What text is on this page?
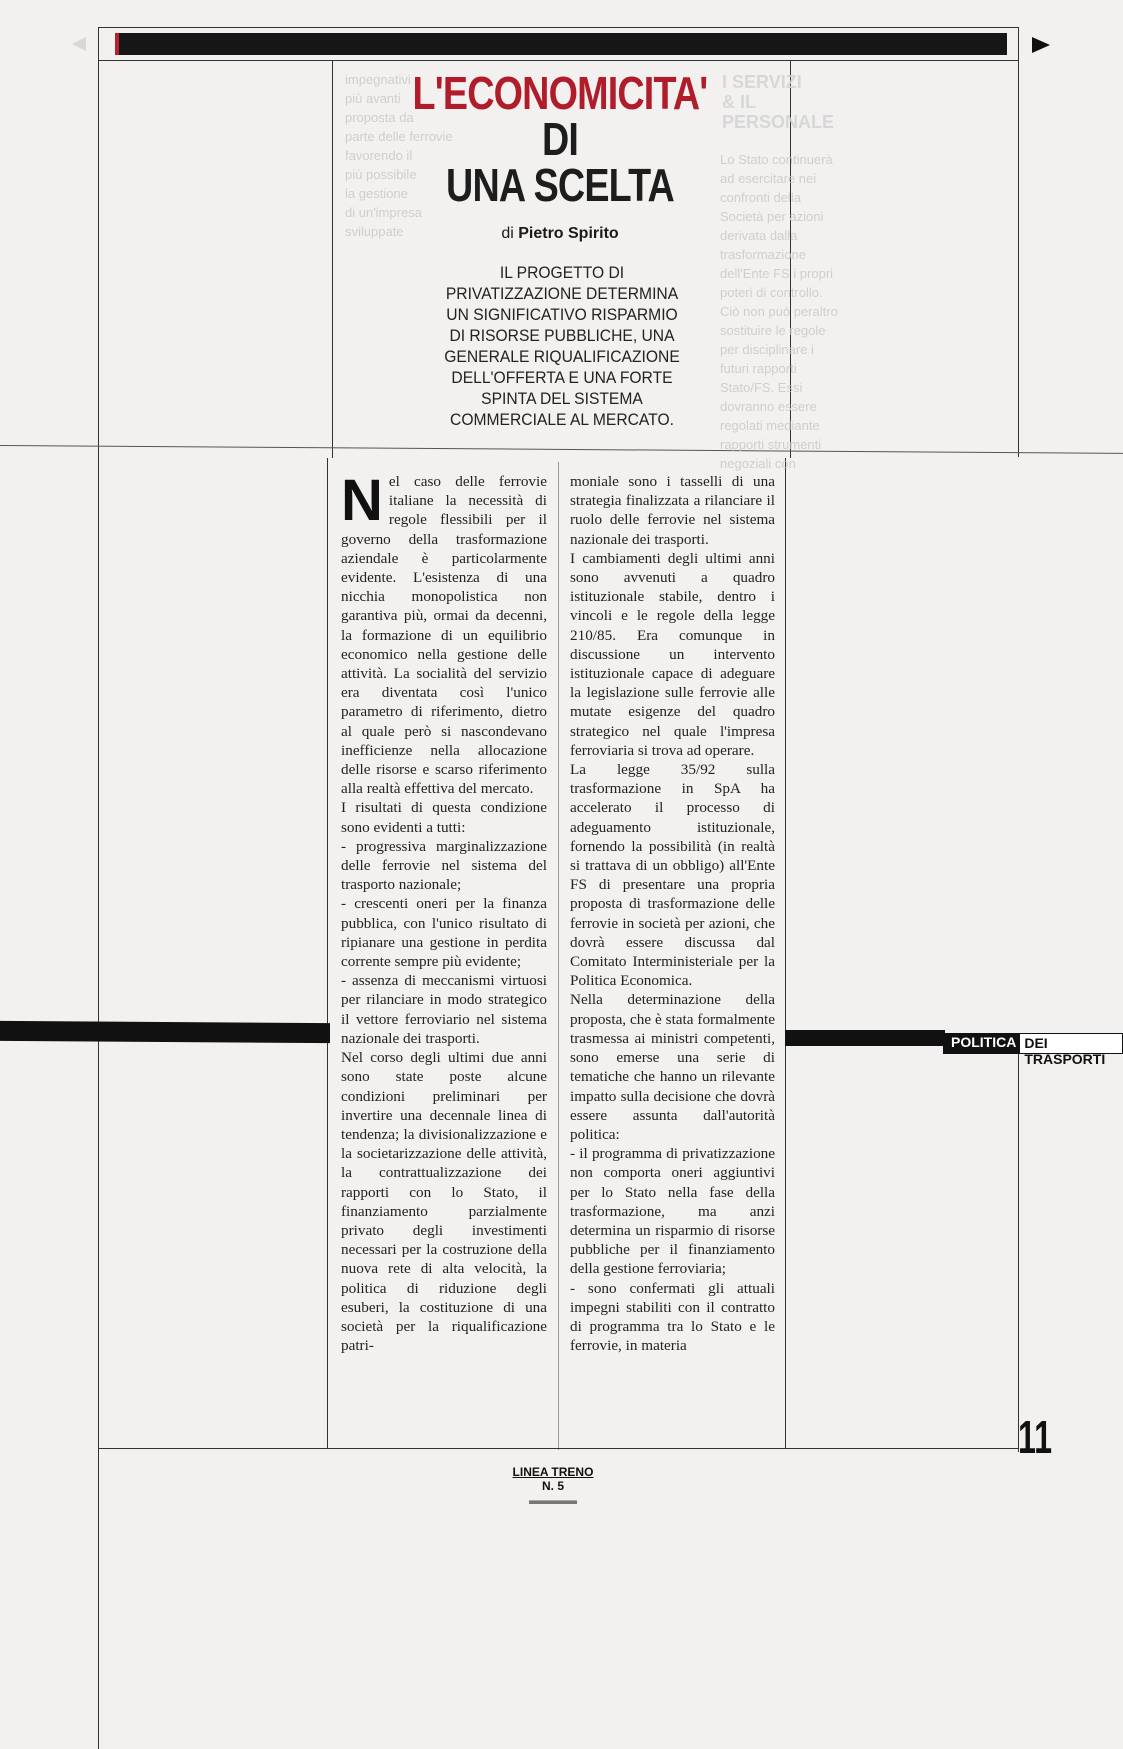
I SERVIZI
& IL
PERSONALE
Lo Stato continuerà
ad esercitare nei
confronti della
Società per azioni
derivata dalla
trasformazione
dell'Ente FS i propri
poteri di controllo.
Ciò non può peraltro
sostituire le regole
per disciplinare i
futuri rapporti
Stato/FS. Essi
dovranno essere
regolati mediante
rapporti strumenti
negoziali con
impegnativi
più avanti
proposta da
parte delle ferrovie
favorendo il
più possibile
la gestione
di un'impresa
sviluppate
L'ECONOMICITA'
DI
UNA SCELTA
di Pietro Spirito
IL PROGETTO DI PRIVATIZZAZIONE DETERMINA UN SIGNIFICATIVO RISPARMIO DI RISORSE PUBBLICHE, UNA GENERALE RIQUALIFICAZIONE DELL'OFFERTA E UNA FORTE SPINTA DEL SISTEMA COMMERCIALE AL MERCATO.

Nel caso delle ferrovie italiane la necessità di regole flessibili per il governo della trasformazione aziendale è particolarmente evidente. L'esistenza di una nicchia monopolistica non garantiva più, ormai da decenni, la formazione di un equilibrio economico nella gestione delle attività. La socialità del servizio era diventata così l'unico parametro di riferimento, dietro al quale però si nascondevano inefficienze nella allocazione delle risorse e scarso riferimento alla realtà effettiva del mercato.

I risultati di questa condizione sono evidenti a tutti:

- progressiva marginalizzazione delle ferrovie nel sistema del trasporto nazionale;

- crescenti oneri per la finanza pubblica, con l'unico risultato di ripianare una gestione in perdita corrente sempre più evidente;

- assenza di meccanismi virtuosi per rilanciare in modo strategico il vettore ferroviario nel sistema nazionale dei trasporti.

Nel corso degli ultimi due anni sono state poste alcune condizioni preliminari per invertire una decennale linea di tendenza; la divisionalizzazione e la societarizzazione delle attività, la contrattualizzazione dei rapporti con lo Stato, il finanziamento parzialmente privato degli investimenti necessari per la costruzione della nuova rete di alta velocità, la politica di riduzione degli esuberi, la costituzione di una società per la riqualificazione patri-

moniale sono i tasselli di una strategia finalizzata a rilanciare il ruolo delle ferrovie nel sistema nazionale dei trasporti.

I cambiamenti degli ultimi anni sono avvenuti a quadro istituzionale stabile, dentro i vincoli e le regole della legge 210/85. Era comunque in discussione un intervento istituzionale capace di adeguare la legislazione sulle ferrovie alle mutate esigenze del quadro strategico nel quale l'impresa ferroviaria si trova ad operare.

La legge 35/92 sulla trasformazione in SpA ha accelerato il processo di adeguamento istituzionale, fornendo la possibilità (in realtà si trattava di un obbligo) all'Ente FS di presentare una propria proposta di trasformazione delle ferrovie in società per azioni, che dovrà essere discussa dal Comitato Interministeriale per la Politica Economica.

Nella determinazione della proposta, che è stata formalmente trasmessa ai ministri competenti, sono emerse una serie di tematiche che hanno un rilevante impatto sulla decisione che dovrà essere assunta dall'autorità politica:

- il programma di privatizzazione non comporta oneri aggiuntivi per lo Stato nella fase della trasformazione, ma anzi determina un risparmio di risorse pubbliche per il finanziamento della gestione ferroviaria;

- sono confermati gli attuali impegni stabiliti con il contratto di programma tra lo Stato e le ferrovie, in materia

POLITICA DEI TRASPORTI
11
LINEA TRENO
N. 5
▬▬▬▬
